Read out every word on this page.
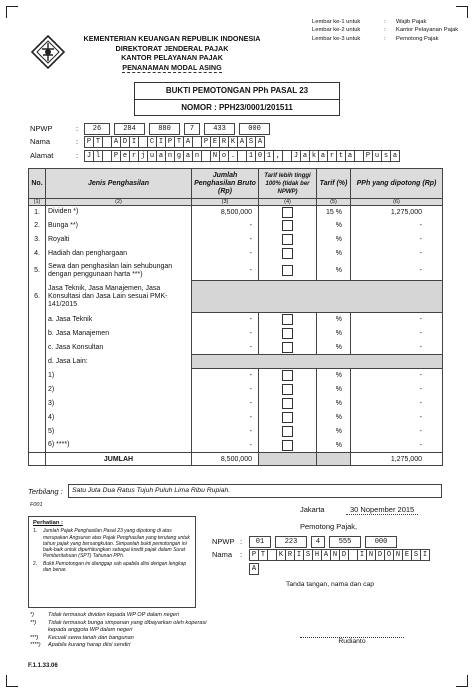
KEMENTERIAN KEUANGAN REPUBLIK INDONESIA
DIREKTORAT JENDERAL PAJAK
KANTOR PELAYANAN PAJAK
PENANAMAN MODAL ASING
Lembar ke-1 untuk	:	Wajib Pajak
Lembar ke-2 untuk	:	Kantor Pelayanan Pajak
Lembar ke-3 untuk	:	Pemotong Pajak
BUKTI PEMOTONGAN PPh PASAL 23
NOMOR : PPH23/0001/201511
NPWP	:	26	284	880	7	433	000
Nama	:	P T	A D I	C I P T A	P E R K A S A
Alamat	:	J l	P e r j u a n g a n	N o .	1 0 1 ,	J a k a r t a	P u s a
No.	Jenis Penghasilan	Jumlah Penghasilan Bruto (Rp)	Tarif lebih tinggi 100% (tidak ber NPWP)	Tarif (%)	PPh yang dipotong (Rp)
(1)	(2)	(3)	(4)	(5)	(6)
1.	Dividen *)	8,500,000		15 %	1,275,000
2.	Bunga **)	-		%	-
3.	Royalti	-		%	-
4.	Hadiah dan penghargaan	-		%	-
5.	Sewa dan penghasilan lain sehubungan dengan penggunaan harta ***)	-		%	-
6.	Jasa Teknik, Jasa Manajemen, Jasa Konsultasi dan Jasa Lain sesuai PMK-141/2015				
	a. Jasa Teknik	-		%	-
	b. Jasa Manajemen	-		%	-
	c. Jasa Konsultan	-		%	-
	d. Jasa Lain:				
	1)	-		%	-
	2)	-		%	-
	3)	-		%	-
	4)	-		%	-
	5)	-		%	-
	6) ****)	-		%	-
	JUMLAH	8,500,000			1,275,000
Terbilang :	Satu Juta Dua Ratus Tujuh Puluh Lima Ribu Rupiah.
F001
Perhatian :
1.	Jumlah Pajak Penghasilan Pasal 23 yang dipotong di atas merupakan Angsuran atas Pajak Penghasilan yang terutang untuk tahun pajak yang bersangkutan. Simpanlah bukti pemotongan ini baik-baik untuk diperhitungkan sebagai kredit pajak dalam Surat Pemberitahuan (SPT) Tahunan PPh.
2.	Bukti Pemotongan ini dianggap sah apabila diisi dengan lengkap dan benar.
*)	Tidak termasuk dividen kepada WP OP dalam negeri
**)	Tidak termasuk bunga simpanan yang dibayarkan oleh koperasi kepada anggota WP dalam negeri
***)	Kecuali sewa tanah dan bangunan
****)	Apabila kurang harap diisi sendiri
Jakarta	30 Nopember 2015
Pemotong Pajak,
NPWP :	01	223	4	555	000
Nama :	P T	K R I S H A N D	I N D O N E S I
A
Tanda tangan, nama dan cap
Rudianto
F.1.1.33.06
